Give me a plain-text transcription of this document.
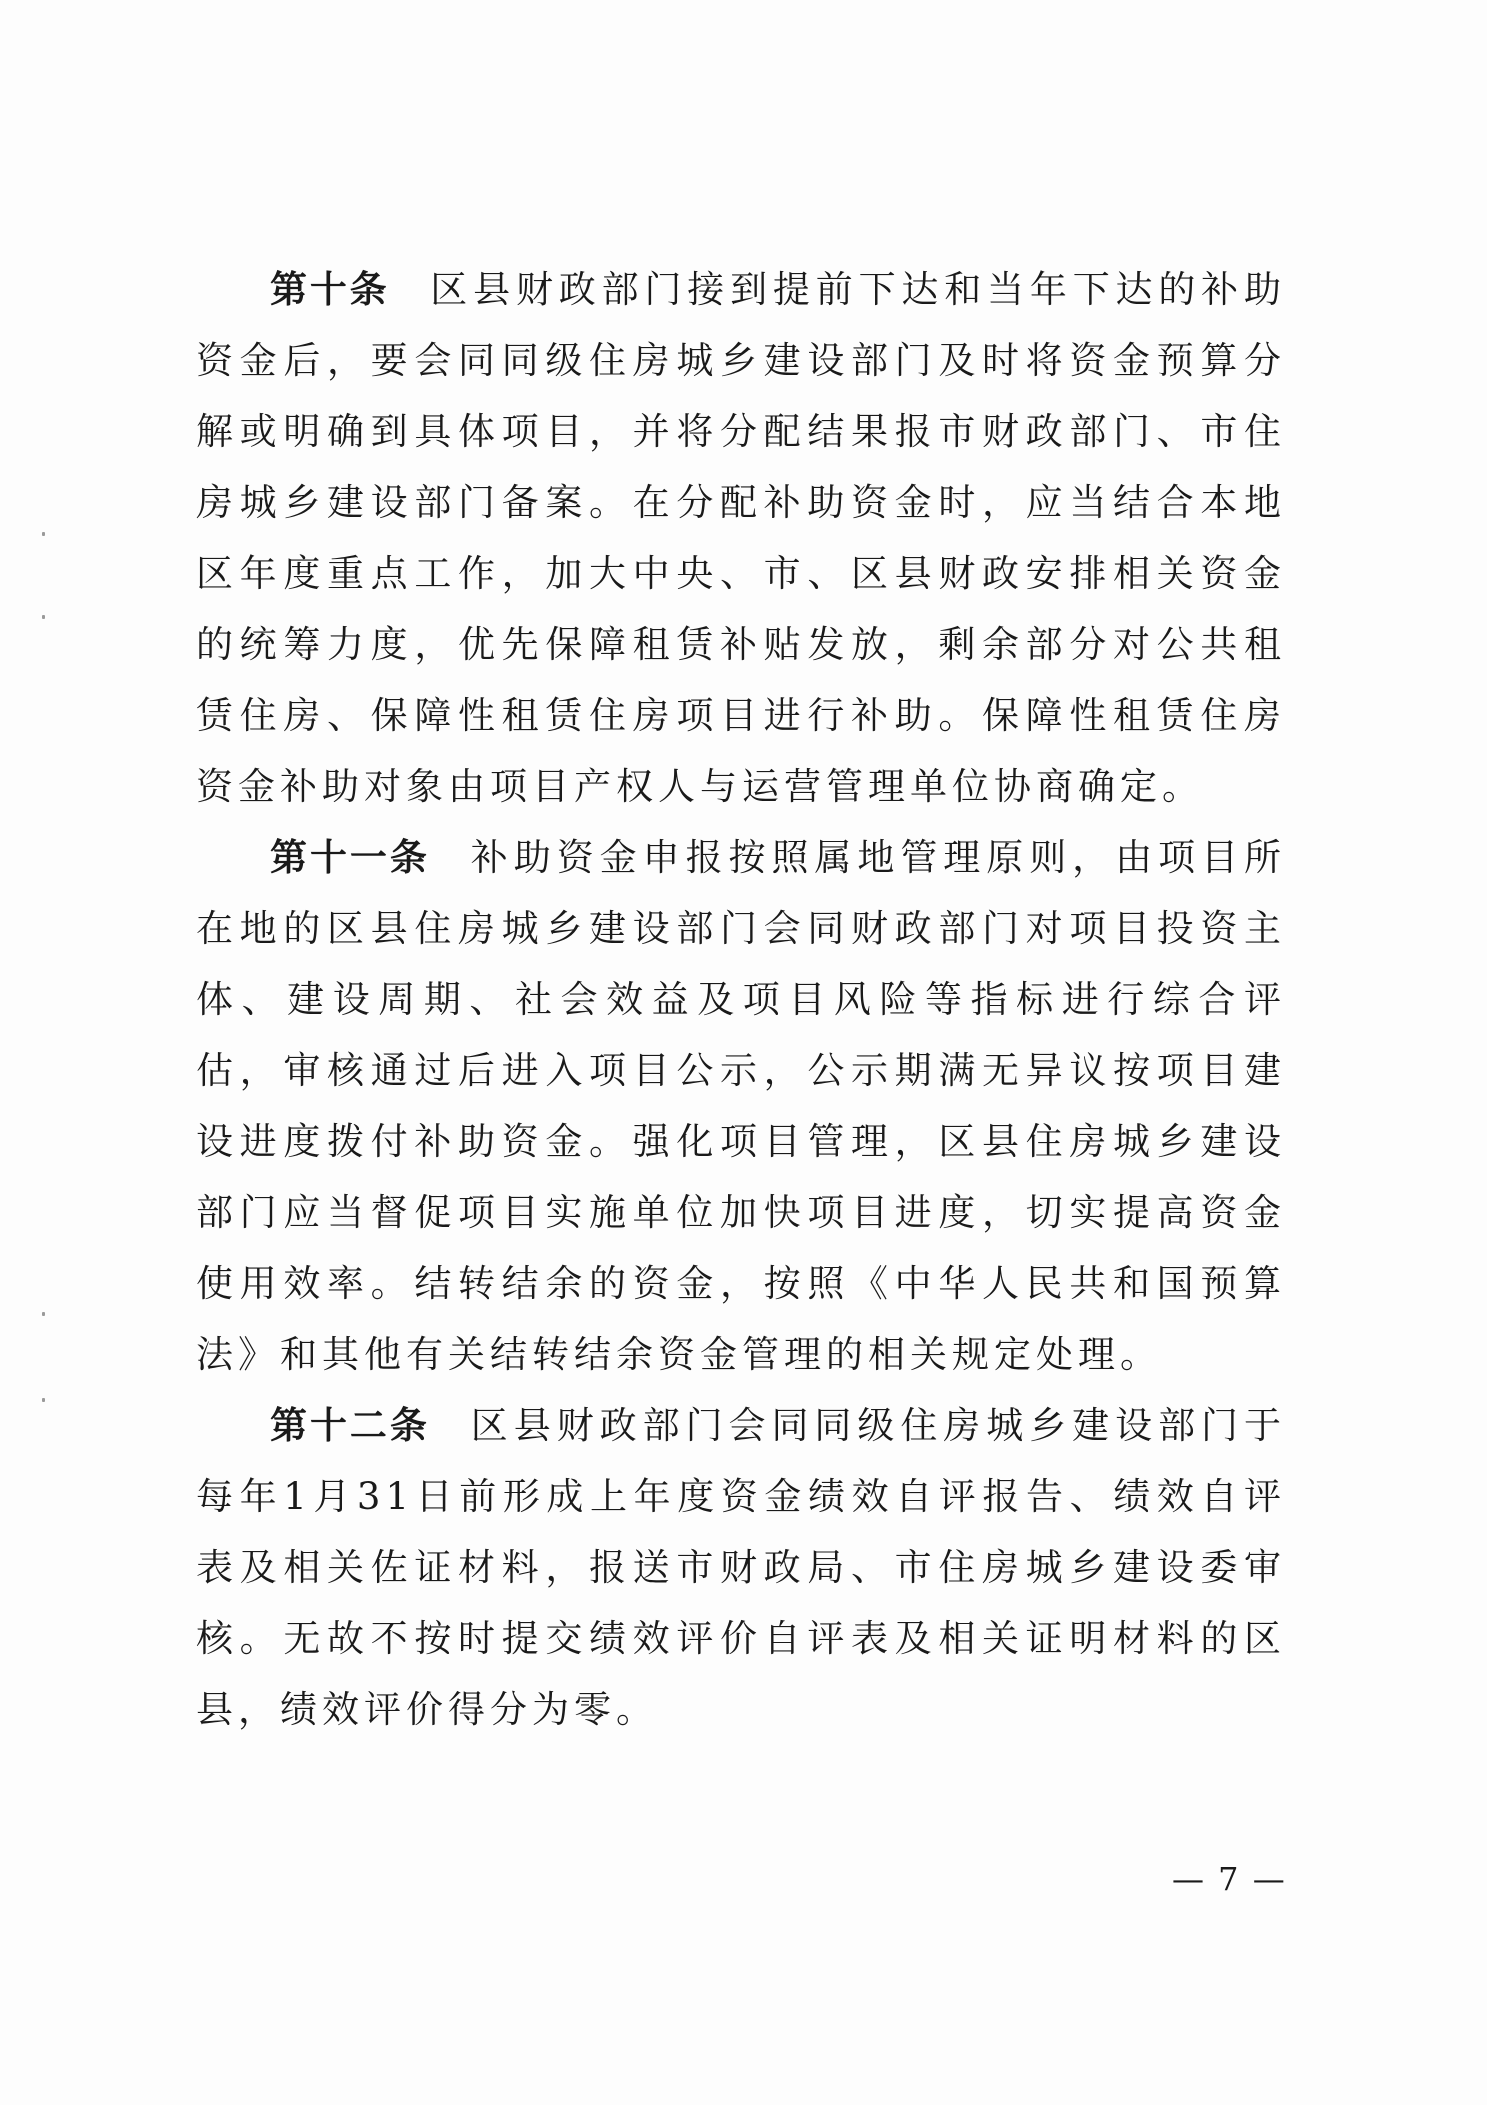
第十条 区县财政部门接到提前下达和当年下达的补助资金后，要会同同级住房城乡建设部门及时将资金预算分解或明确到具体项目，并将分配结果报市财政部门、市住房城乡建设部门备案。在分配补助资金时，应当结合本地区年度重点工作，加大中央、市、区县财政安排相关资金的统筹力度，优先保障租赁补贴发放，剩余部分对公共租赁住房、保障性租赁住房项目进行补助。保障性租赁住房资金补助对象由项目产权人与运营管理单位协商确定。

第十一条 补助资金申报按照属地管理原则，由项目所在地的区县住房城乡建设部门会同财政部门对项目投资主体、建设周期、社会效益及项目风险等指标进行综合评估，审核通过后进入项目公示，公示期满无异议按项目建设进度拨付补助资金。强化项目管理，区县住房城乡建设部门应当督促项目实施单位加快项目进度，切实提高资金使用效率。结转结余的资金，按照《中华人民共和国预算法》和其他有关结转结余资金管理的相关规定处理。

第十二条 区县财政部门会同同级住房城乡建设部门于每年1月31日前形成上年度资金绩效自评报告、绩效自评表及相关佐证材料，报送市财政局、市住房城乡建设委审核。无故不按时提交绩效评价自评表及相关证明材料的区县，绩效评价得分为零。

— 7 —
